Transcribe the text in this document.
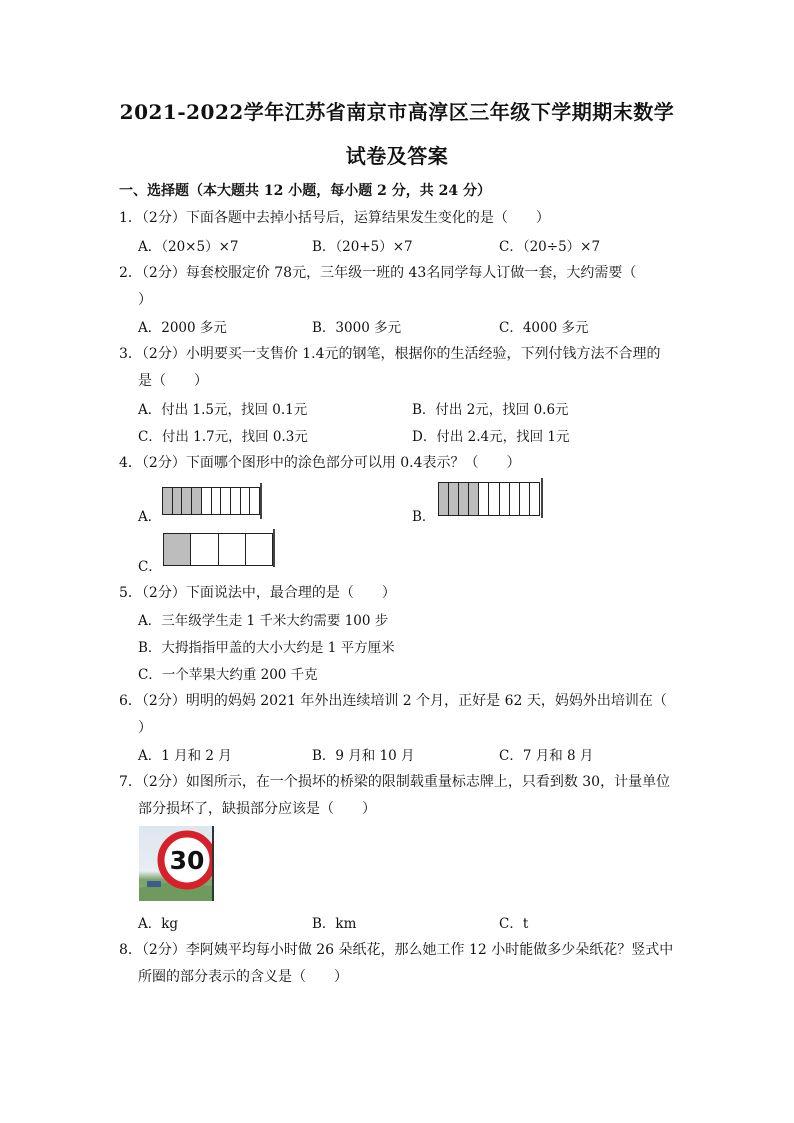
2021-2022学年江苏省南京市高淳区三年级下学期期末数学
试卷及答案
一、选择题（本大题共 12 小题，每小题 2 分，共 24 分）
1．（2分）下面各题中去掉小括号后，运算结果发生变化的是（　　）
A．（20×5）×7	B．（20+5）×7	C．（20÷5）×7
2．（2分）每套校服定价 78元，三年级一班的 43名同学每人订做一套，大约需要（
）
A．2000 多元	B．3000 多元	C．4000 多元
3．（2分）小明要买一支售价 1.4元的钢笔，根据你的生活经验，下列付钱方法不合理的
是（　　）
A．付出 1.5元，找回 0.1元	B．付出 2元，找回 0.6元
C．付出 1.7元，找回 0.3元	D．付出 2.4元，找回 1元
4．（2分）下面哪个图形中的涂色部分可以用 0.4表示？（　　）
A．	B．
C．
5．（2分）下面说法中，最合理的是（　　）
A．三年级学生走 1 千米大约需要 100 步
B．大拇指指甲盖的大小大约是 1 平方厘米
C．一个苹果大约重 200 千克
6．（2分）明明的妈妈 2021 年外出连续培训 2 个月，正好是 62 天，妈妈外出培训在（
）
A．1 月和 2 月	B．9 月和 10 月	C．7 月和 8 月
7．（2分）如图所示，在一个损坏的桥梁的限制载重量标志牌上，只看到数 30，计量单位
部分损坏了，缺损部分应该是（　　）
30
A．kg	B．km	C．t
8．（2分）李阿姨平均每小时做 26 朵纸花，那么她工作 12 小时能做多少朵纸花？竖式中
所圈的部分表示的含义是（　　）
